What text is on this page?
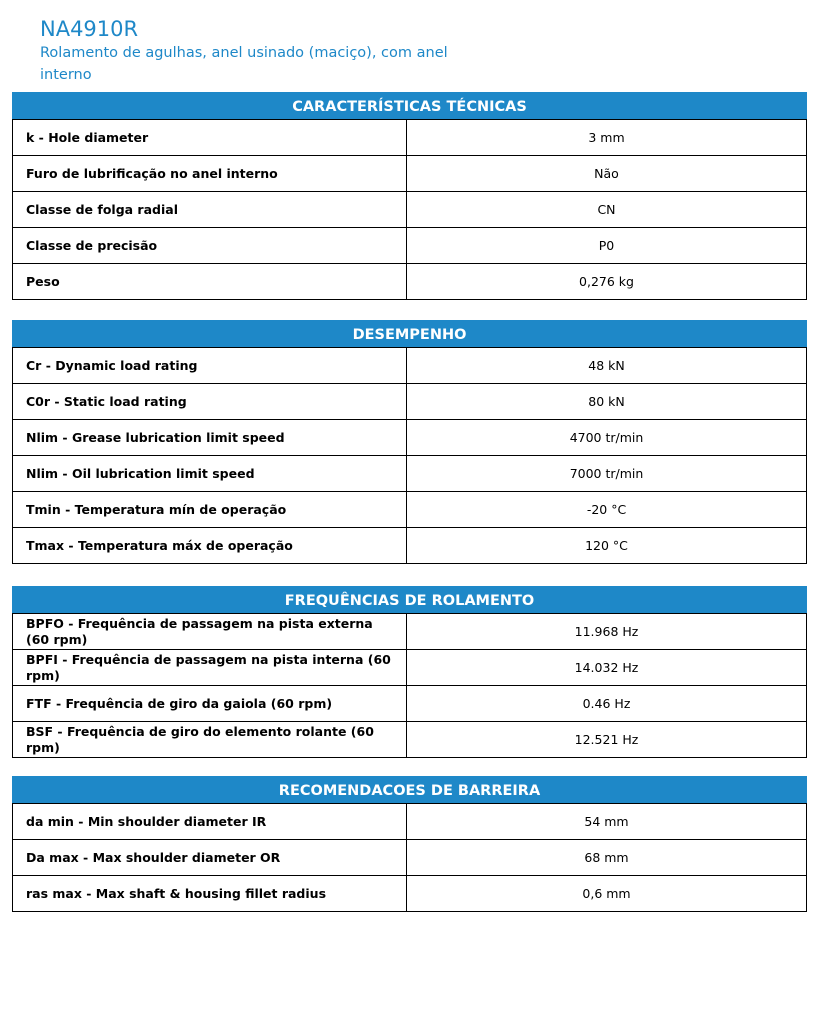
NA4910R

Rolamento de agulhas, anel usinado (maciço), com anel interno

CARACTERÍSTICAS TÉCNICAS
k - Hole diameter	3 mm
Furo de lubrificação no anel interno	Não
Classe de folga radial	CN
Classe de precisão	P0
Peso	0,276 kg
DESEMPENHO
Cr - Dynamic load rating	48 kN
C0r - Static load rating	80 kN
Nlim - Grease lubrication limit speed	4700 tr/min
Nlim - Oil lubrication limit speed	7000 tr/min
Tmin - Temperatura mín de operação	-20 °C
Tmax - Temperatura máx de operação	120 °C
FREQUÊNCIAS DE ROLAMENTO
BPFO - Frequência de passagem na pista externa (60 rpm)	11.968 Hz
BPFI - Frequência de passagem na pista interna (60 rpm)	14.032 Hz
FTF - Frequência de giro da gaiola (60 rpm)	0.46 Hz
BSF - Frequência de giro do elemento rolante (60 rpm)	12.521 Hz
RECOMENDACOES DE BARREIRA
da min - Min shoulder diameter IR	54 mm
Da max - Max shoulder diameter OR	68 mm
ras max - Max shaft & housing fillet radius	0,6 mm
